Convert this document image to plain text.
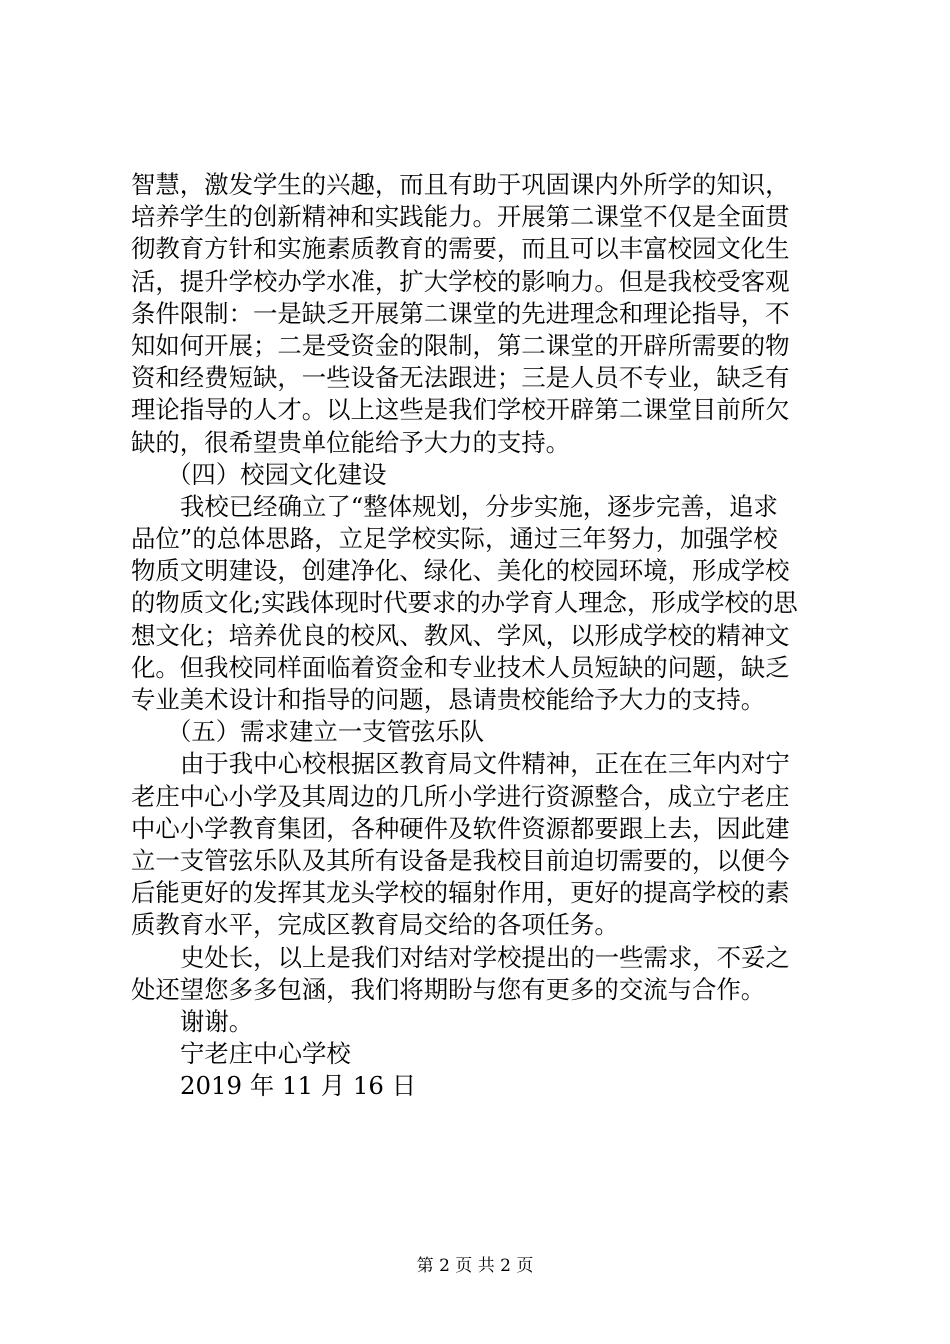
智慧，激发学生的兴趣，而且有助于巩固课内外所学的知识，
培养学生的创新精神和实践能力。开展第二课堂不仅是全面贯
彻教育方针和实施素质教育的需要，而且可以丰富校园文化生
活，提升学校办学水准，扩大学校的影响力。但是我校受客观
条件限制：一是缺乏开展第二课堂的先进理念和理论指导，不
知如何开展；二是受资金的限制，第二课堂的开辟所需要的物
资和经费短缺，一些设备无法跟进；三是人员不专业，缺乏有
理论指导的人才。以上这些是我们学校开辟第二课堂目前所欠
缺的，很希望贵单位能给予大力的支持。
（四）校园文化建设
我校已经确立了“整体规划，分步实施，逐步完善，追求
品位”的总体思路，立足学校实际，通过三年努力，加强学校
物质文明建设，创建净化、绿化、美化的校园环境，形成学校
的物质文化;实践体现时代要求的办学育人理念，形成学校的思
想文化；培养优良的校风、教风、学风，以形成学校的精神文
化。但我校同样面临着资金和专业技术人员短缺的问题，缺乏
专业美术设计和指导的问题，恳请贵校能给予大力的支持。
（五）需求建立一支管弦乐队
由于我中心校根据区教育局文件精神，正在在三年内对宁
老庄中心小学及其周边的几所小学进行资源整合，成立宁老庄
中心小学教育集团，各种硬件及软件资源都要跟上去，因此建
立一支管弦乐队及其所有设备是我校目前迫切需要的，以便今
后能更好的发挥其龙头学校的辐射作用，更好的提高学校的素
质教育水平，完成区教育局交给的各项任务。
史处长，以上是我们对结对学校提出的一些需求，不妥之
处还望您多多包涵，我们将期盼与您有更多的交流与合作。
谢谢。
宁老庄中心学校
2019 年 11 月 16 日
第 2 页 共 2 页
